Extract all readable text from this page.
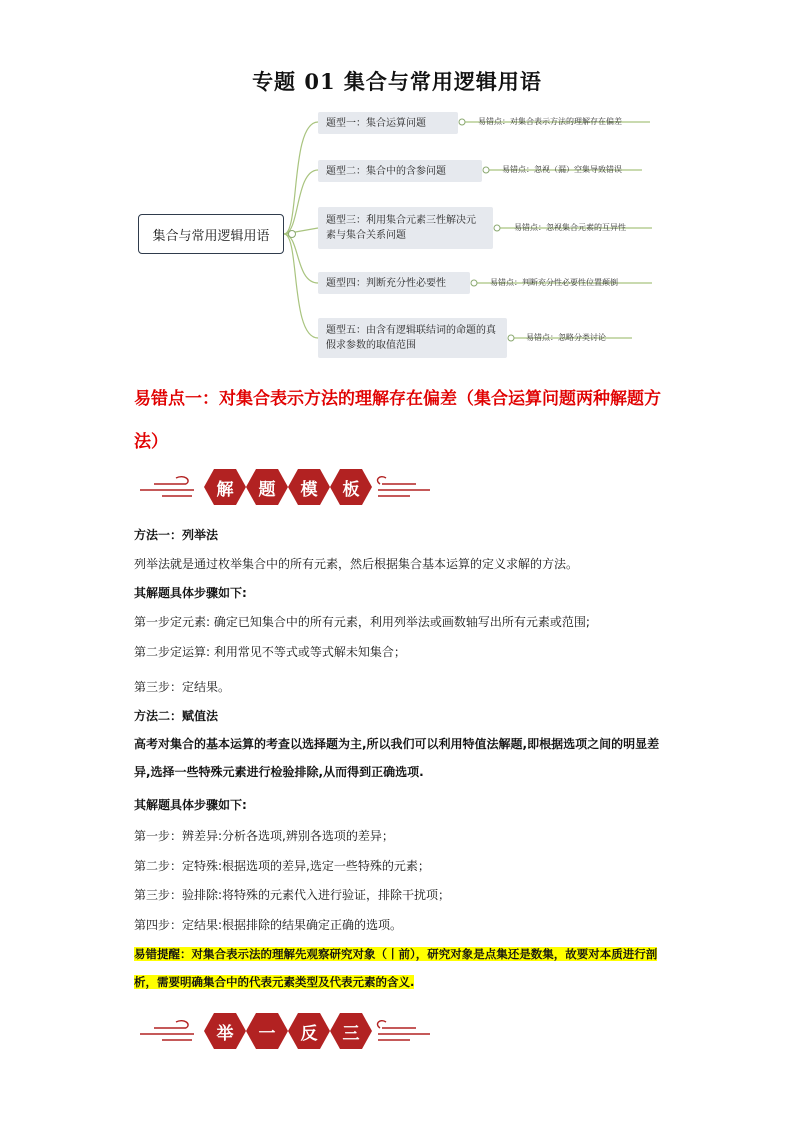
专题 01 集合与常用逻辑用语
集合与常用逻辑用语
题型一：集合运算问题
题型二：集合中的含参问题
题型三：利用集合元素三性解决元素与集合关系问题
题型四：判断充分性必要性
题型五：由含有逻辑联结词的命题的真假求参数的取值范围
易错点：对集合表示方法的理解存在偏差
易错点：忽视（漏）空集导致错误
易错点：忽视集合元素的互异性
易错点：判断充分性必要性位置颠倒
易错点：忽略分类讨论
易错点一：对集合表示方法的理解存在偏差（集合运算问题两种解题方法）
解	题	模	板
方法一：列举法
列举法就是通过枚举集合中的所有元素，然后根据集合基本运算的定义求解的方法。
其解题具体步骤如下:
第一步定元素: 确定已知集合中的所有元素，利用列举法或画数轴写出所有元素或范围;
第二步定运算: 利用常见不等式或等式解未知集合；
第三步：定结果。
方法二：赋值法
高考对集合的基本运算的考查以选择题为主,所以我们可以利用特值法解题,即根据选项之间的明显差异,选择一些特殊元素进行检验排除,从而得到正确选项.
其解题具体步骤如下:
第一步：辨差异:分析各选项,辨别各选项的差异；
第二步：定特殊:根据选项的差异,选定一些特殊的元素；
第三步：验排除:将特殊的元素代入进行验证，排除干扰项；
第四步：定结果:根据排除的结果确定正确的选项。
易错提醒：对集合表示法的理解先观察研究对象（丨前），研究对象是点集还是数集，故要对本质进行剖析，需要明确集合中的代表元素类型及代表元素的含义.
举	一	反	三
